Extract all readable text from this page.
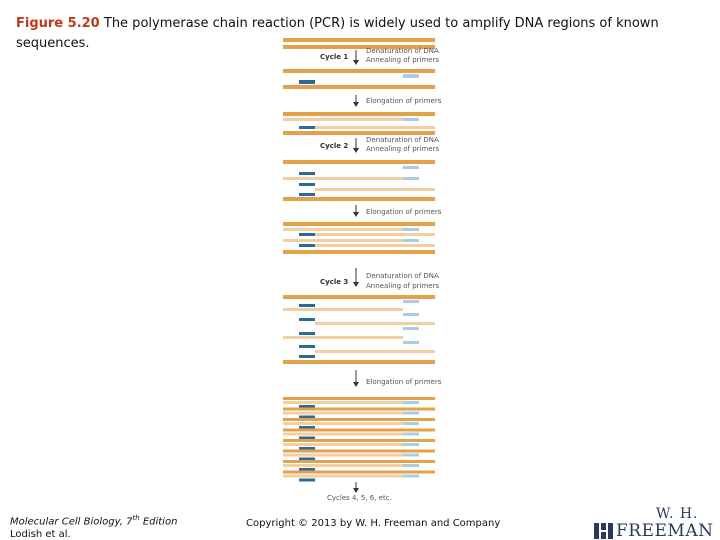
Figure 5.20 The polymerase chain reaction (PCR) is widely used to amplify DNA regions of known sequences.
Cycle 1
Denaturation of DNA
Annealing of primers
Elongation of primers
Cycle 2
Denaturation of DNA
Annealing of primers
Elongation of primers
Cycle 3
Denaturation of DNA
Annealing of primers
Elongation of primers
Cycles 4, 5, 6, etc.
Molecular Cell Biology, 7th Edition
Lodish et al.
Copyright © 2013 by W. H. Freeman and Company
W. H.
FREEMAN
